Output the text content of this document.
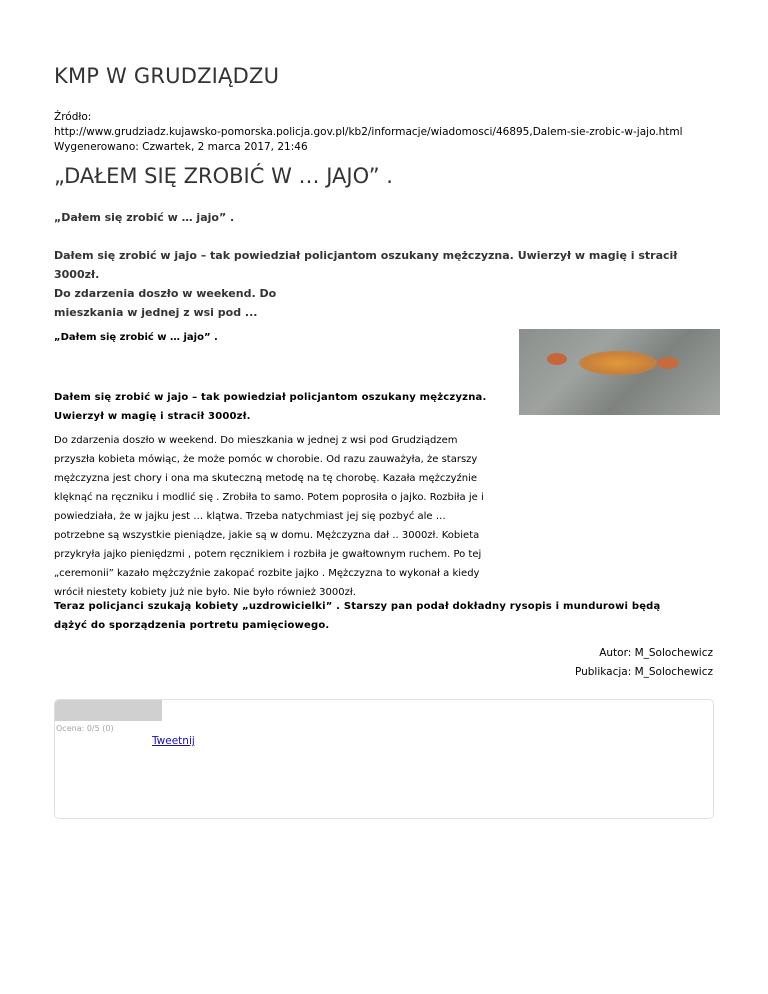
KMP W GRUDZIĄDZU
Źródło:
http://www.grudziadz.kujawsko-pomorska.policja.gov.pl/kb2/informacje/wiadomosci/46895,Dalem-sie-zrobic-w-jajo.html
Wygenerowano: Czwartek, 2 marca 2017, 21:46
„DAŁEM SIĘ ZROBIĆ W … JAJO” .
„Dałem się zrobić w … jajo” .
Dałem się zrobić w jajo – tak powiedział policjantom oszukany mężczyzna. Uwierzył w magię i stracił
3000zł.
Do zdarzenia doszło w weekend. Do
mieszkania w jednej z wsi pod ...
„Dałem się zrobić w … jajo” .
Dałem się zrobić w jajo – tak powiedział policjantom oszukany mężczyzna.
Uwierzył w magię i stracił 3000zł.
Do zdarzenia doszło w weekend. Do mieszkania w jednej z wsi pod Grudziądzem
przyszła kobieta mówiąc, że może pomóc w chorobie. Od razu zauważyła, że starszy
mężczyzna jest chory i ona ma skuteczną metodę na tę chorobę. Kazała mężczyźnie
klęknąć na ręczniku i modlić się . Zrobiła to samo. Potem poprosiła o jajko. Rozbiła je i
powiedziała, że w jajku jest … klątwa. Trzeba natychmiast jej się pozbyć ale …
potrzebne są wszystkie pieniądze, jakie są w domu. Mężczyzna dał .. 3000zł. Kobieta
przykryła jajko pieniędzmi , potem ręcznikiem i rozbiła je gwałtownym ruchem. Po tej
„ceremonii” kazało mężczyźnie zakopać rozbite jajko . Mężczyzna to wykonał a kiedy
wrócił niestety kobiety już nie było. Nie było również 3000zł.
Teraz policjanci szukają kobiety „uzdrowicielki” . Starszy pan podał dokładny rysopis i mundurowi będą
dążyć do sporządzenia portretu pamięciowego.
Autor: M_Solochewicz
Publikacja: M_Solochewicz
Ocena: 0/5 (0)
Tweetnij
